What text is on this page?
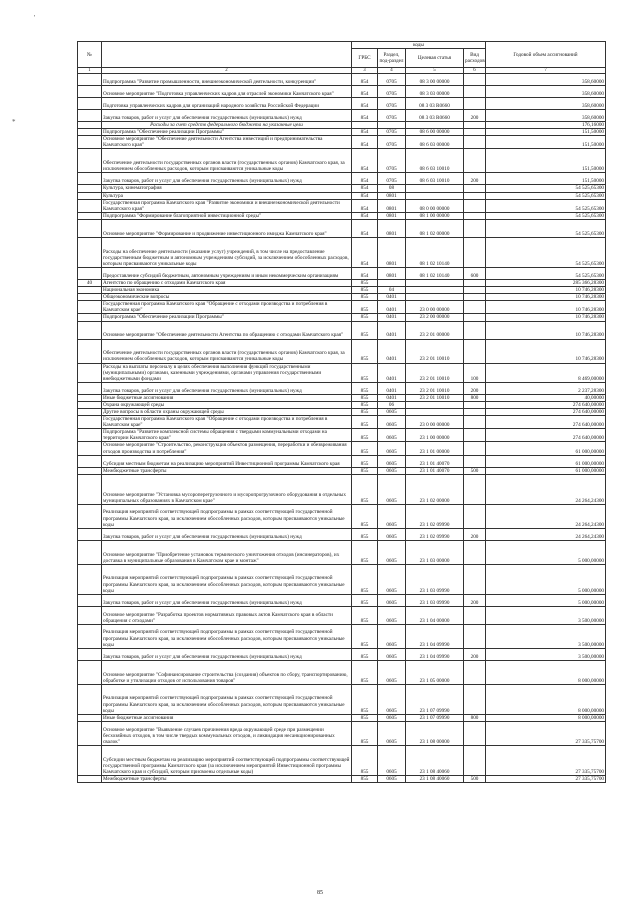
'
*
№		коды				Годовой объем ассигнований
		ГРБС	Раздел, под-раздел	Целевая статья	Вид расходов	
1	2	3	4	5	6	7
	Подпрограмма "Развитие промышленности, внешнеэкономической деятельности, конкуренции"	854	0705	08 3 00 00000		358,60000
	Основное мероприятие "Подготовка управленческих кадров для отраслей экономики Камчатского края"	854	0705	08 3 03 00000		358,60000
	Подготовка управленческих кадров для организаций народного хозяйства Российской Федерации	854	0705	08 3 03 R0660		358,60000
	Закупка товаров, работ и услуг для обеспечения государственных (муниципальных) нужд	854	0705	08 3 03 R0660	200	358,60000
	Расходы за счет средств федерального бюджета на указанные цели					176,16000
	Подпрограмма "Обеспечение реализации Программы"	854	0705	08 6 00 00000		151,50000
	Основное мероприятие "Обеспечение деятельности Агентства инвестиций и предпринимательства Камчатского края"	854	0705	08 6 03 00000		151,50000
	Обеспечение деятельности государственных органов власти (государственных органов) Камчатского края, за исключением обособленных расходов, которым присваиваются уникальные коды	854	0705	08 6 03 10010		151,50000
	Закупка товаров, работ и услуг для обеспечения государственных (муниципальных) нужд	854	0705	08 6 03 10010	200	151,50000
	Культура, кинематография	854	08			54 525,65300
	Культура	854	0801			54 525,65300
	Государственная программа Камчатского края "Развитие экономики и внешнеэкономической деятельности Камчатского края"	854	0801	08 0 00 00000		54 525,65300
	Подпрограмма "Формирование благоприятной инвестиционной среды"	854	0801	08 1 00 00000		54 525,65300
	Основное мероприятие "Формирование и продвижение инвестиционного имиджа Камчатского края"	854	0801	08 1 02 00000		54 525,65300
	Расходы на обеспечение деятельности (оказание услуг) учреждений, в том числе на предоставление государственным бюджетным и автономным учреждениям субсидий, за исключением обособленных расходов, которым присваиваются уникальные коды	854	0801	08 1 02 10140		54 525,65300
	Предоставление субсидий бюджетным, автономным учреждениям и иным некоммерческим организациям	854	0801	08 1 02 10140	600	54 525,65300
40	Агентство по обращению с отходами Камчатского края	855				285 366,28300
	Национальная экономика	855	04			10 746,28300
	Общеэкономические вопросы	855	0401			10 746,28300
	Государственная программа Камчатского края "Обращение с отходами производства и потребления в Камчатском крае"	855	0401	23 0 00 00000		10 746,28300
	Подпрограмма "Обеспечение реализации Программы"	855	0401	23 2 00 00000		10 746,28300
	Основное мероприятие "Обеспечение деятельности Агентства по обращению с отходами Камчатского края"	855	0401	23 2 01 00000		10 746,28300
	Обеспечение деятельности государственных органов власти (государственных органов) Камчатского края, за исключением обособленных расходов, которым присваиваются уникальные коды	855	0401	23 2 01 10010		10 746,28300
	Расходы на выплаты персоналу в целях обеспечения выполнения функций государственными (муниципальными) органами, казенными учреждениями, органами управления государственными внебюджетными фондами	855	0401	23 2 01 10010	100	8 469,00000
	Закупка товаров, работ и услуг для обеспечения государственных (муниципальных) нужд	855	0401	23 2 01 10010	200	2 237,28300
	Иные бюджетные ассигнования	855	0401	23 2 01 10010	800	40,00000
	Охрана окружающей среды	855	06			274 640,00000
	Другие вопросы в области охраны окружающей среды	855	0605			274 640,00000
	Государственная программа Камчатского края "Обращение с отходами производства и потребления в Камчатском крае"	855	0605	23 0 00 00000		274 640,00000
	Подпрограмма "Развитие комплексной системы обращения с твердыми коммунальными отходами на территории Камчатского края"	855	0605	23 1 00 00000		274 640,00000
	Основное мероприятие "Строительство, реконструкция объектов размещения, переработки и обезвреживания отходов производства и потребления"	855	0605	23 1 01 00000		61 000,00000
	Субсидия местным бюджетам на реализацию мероприятий Инвестиционной программы Камчатского края	855	0605	23 1 01 40070		61 000,00000
	Межбюджетные трансферты	855	0605	23 1 01 40070	500	61 000,00000
	Основное мероприятие "Установка мусороперегрузочного и мусоропрогрузочного оборудования в отдельных муниципальных образованиях в Камчатском крае"	855	0605	23 1 02 00000		24 264,24300
	Реализация мероприятий соответствующей подпрограммы в рамках соответствующей государственной программы Камчатского края, за исключением обособленных расходов, которым присваиваются уникальные коды	855	0605	23 1 02 09990		24 264,24300
	Закупка товаров, работ и услуг для обеспечения государственных (муниципальных) нужд	855	0605	23 1 02 09990	200	24 264,24300
	Основное мероприятие "Приобретение установок термического уничтожения отходов (инсинераторов), их доставка в муниципальные образования в Камчатском крае и монтаж"	855	0605	23 1 03 00000		5 000,00000
	Реализация мероприятий соответствующей подпрограммы в рамках соответствующей государственной программы Камчатского края, за исключением обособленных расходов, которым присваиваются уникальные коды	855	0605	23 1 03 09990		5 000,00000
	Закупка товаров, работ и услуг для обеспечения государственных (муниципальных) нужд	855	0605	23 1 03 09990	200	5 000,00000
	Основное мероприятие "Разработка проектов нормативных правовых актов Камчатского края в области обращения с отходами"	855	0605	23 1 04 00000		3 500,00000
	Реализация мероприятий соответствующей подпрограммы в рамках соответствующей государственной программы Камчатского края, за исключением обособленных расходов, которым присваиваются уникальные коды	855	0605	23 1 04 09990		3 500,00000
	Закупка товаров, работ и услуг для обеспечения государственных (муниципальных) нужд	855	0605	23 1 04 09990	200	3 500,00000
	Основное мероприятие "Софинансирование строительства (создания) объектов по сбору, транспортированию, обработке и утилизации отходов от использования товаров"	855	0605	23 1 05 00000		8 000,00000
	Реализация мероприятий соответствующей подпрограммы в рамках соответствующей государственной программы Камчатского края, за исключением обособленных расходов, которым присваиваются уникальные коды	855	0605	23 1 07 09990		8 000,00000
	Иные бюджетные ассигнования	855	0605	23 1 07 09990	800	8 000,00000
	Основное мероприятие "Выявление случаев причинения вреда окружающей среде при размещении бесхозяйных отходов, в том числе твердых коммунальных отходов, и ликвидация несанкционированных свалок"	855	0605	23 1 08 00000		27 335,75700
	Субсидии местным бюджетам на реализацию мероприятий соответствующей подпрограммы соответствующей государственной программы Камчатского края (за исключением мероприятий Инвестиционной программы Камчатского края и субсидий, которым присвоены отдельные коды)	855	0605	23 1 08 40060		27 335,75700
	Межбюджетные трансферты	855	0605	23 1 08 40060	500	27 335,75700
85
